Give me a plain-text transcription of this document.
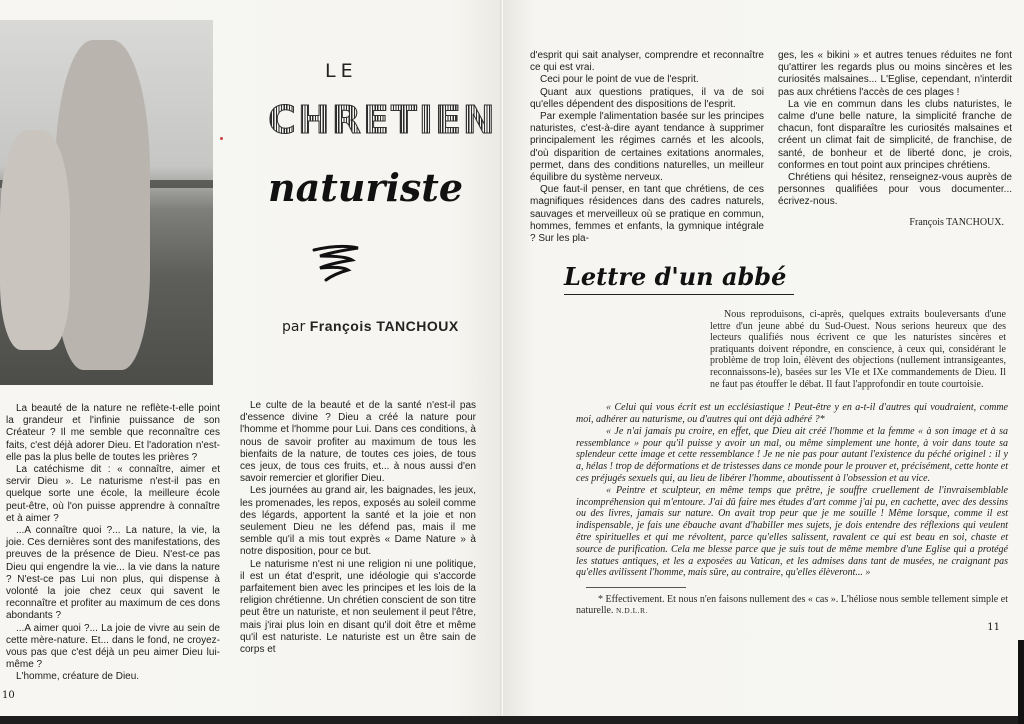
LE
CHRETIEN
naturiste
par François TANCHOUX

La beauté de la nature ne reflète-t-elle point la grandeur et l'infinie puissance de son Créateur ? Il me semble que reconnaître ces faits, c'est déjà adorer Dieu. Et l'adoration n'est-elle pas la plus belle de toutes les prières ?

La catéchisme dit : « connaître, aimer et servir Dieu ». Le naturisme n'est-il pas en quelque sorte une école, la meilleure école peut-être, où l'on puisse apprendre à connaître et à aimer ?

...A connaître quoi ?... La nature, la vie, la joie. Ces dernières sont des manifestations, des preuves de la présence de Dieu. N'est-ce pas Dieu qui engendre la vie... la vie dans la nature ? N'est-ce pas Lui non plus, qui dispense à volonté la joie chez ceux qui savent le reconnaître et profiter au maximum de ces dons abondants ?

...A aimer quoi ?... La joie de vivre au sein de cette mère-nature. Et... dans le fond, ne croyez-vous pas que c'est déjà un peu aimer Dieu lui-même ?

L'homme, créature de Dieu.

Le culte de la beauté et de la santé n'est-il pas d'essence divine ? Dieu a créé la nature pour l'homme et l'homme pour Lui. Dans ces conditions, à nous de savoir profiter au maximum de tous les bienfaits de la nature, de toutes ces joies, de tous ces jeux, de tous ces fruits, et... à nous aussi d'en savoir remercier et glorifier Dieu.

Les journées au grand air, les baignades, les jeux, les promenades, les repos, exposés au soleil comme des légards, apportent la santé et la joie et non seulement Dieu ne les défend pas, mais il me semble qu'il a mis tout exprès « Dame Nature » à notre disposition, pour ce but.

Le naturisme n'est ni une religion ni une politique, il est un état d'esprit, une idéologie qui s'accorde parfaitement bien avec les principes et les lois de la religion chrétienne. Un chrétien conscient de son titre peut être un naturiste, et non seulement il peut l'être, mais j'irai plus loin en disant qu'il doit être et même qu'il est naturiste. Le naturiste est un être sain de corps et

10

d'esprit qui sait analyser, comprendre et reconnaître ce qui est vrai.

Ceci pour le point de vue de l'esprit.

Quant aux questions pratiques, il va de soi qu'elles dépendent des dispositions de l'esprit.

Par exemple l'alimentation basée sur les principes naturistes, c'est-à-dire ayant tendance à supprimer principalement les régimes carnés et les alcools, d'où disparition de certaines exitations anormales, permet, dans des conditions naturelles, un meilleur équilibre du système nerveux.

Que faut-il penser, en tant que chrétiens, de ces magnifiques résidences dans des cadres naturels, sauvages et merveilleux où se pratique en commun, hommes, femmes et enfants, la gymnique intégrale ? Sur les pla-

ges, les « bikini » et autres tenues réduites ne font qu'attirer les regards plus ou moins sincères et les curiosités malsaines... L'Eglise, cependant, n'interdit pas aux chrétiens l'accès de ces plages !

La vie en commun dans les clubs naturistes, le calme d'une belle nature, la simplicité franche de chacun, font disparaître les curiosités malsaines et créent un climat fait de simplicité, de franchise, de santé, de bonheur et de liberté donc, je crois, conformes en tout point aux principes chrétiens.

Chrétiens qui hésitez, renseignez-vous auprès de personnes qualifiées pour vous documenter... écrivez-nous.

François TANCHOUX.

Lettre d'un abbé

Nous reproduisons, ci-après, quelques extraits bouleversants d'une lettre d'un jeune abbé du Sud-Ouest. Nous serions heureux que des lecteurs qualifiés nous écrivent ce que les naturistes sincères et pratiquants doivent répondre, en conscience, à ceux qui, considérant le problème de trop loin, élèvent des objections (nullement intransigeantes, reconnaissons-le), basées sur les VIe et IXe commandements de Dieu. Il ne faut pas étouffer le débat. Il faut l'approfondir en toute courtoisie.

« Celui qui vous écrit est un ecclésiastique ! Peut-être y en a-t-il d'autres qui voudraient, comme moi, adhérer au naturisme, ou d'autres qui ont déjà adhéré ?*

« Je n'ai jamais pu croire, en effet, que Dieu ait créé l'homme et la femme « à son image et à sa ressemblance » pour qu'il puisse y avoir un mal, ou même simplement une honte, à voir dans toute sa splendeur cette image et cette ressemblance ! Je ne nie pas pour autant l'existence du péché originel : il y a, hélas ! trop de déformations et de tristesses dans ce monde pour le prouver et, précisément, cette honte et ces préjugés sexuels qui, au lieu de libérer l'homme, aboutissent à l'obsession et au vice.

« Peintre et sculpteur, en même temps que prêtre, je souffre cruellement de l'invraisemblable incompréhension qui m'entoure. J'ai dû faire mes études d'art comme j'ai pu, en cachette, avec des dessins ou des livres, jamais sur nature. On avait trop peur que je me souille ! Même lorsque, comme il est indispensable, je fais une ébauche avant d'habiller mes sujets, je dois entendre des réflexions qui veulent être spirituelles et qui me révoltent, parce qu'elles salissent, ravalent ce qui est beau en soi, chaste et source de purification. Cela me blesse parce que je suis tout de même membre d'une Eglise qui a protégé les statues antiques, et les a exposées au Vatican, et les admises dans tant de musées, ne craignant pas qu'elles avilissent l'homme, mais sûre, au contraire, qu'elles élèveront... »

* Effectivement. Et nous n'en faisons nullement des « cas ». L'héliose nous semble tellement simple et naturelle. N.D.L.R.
11
